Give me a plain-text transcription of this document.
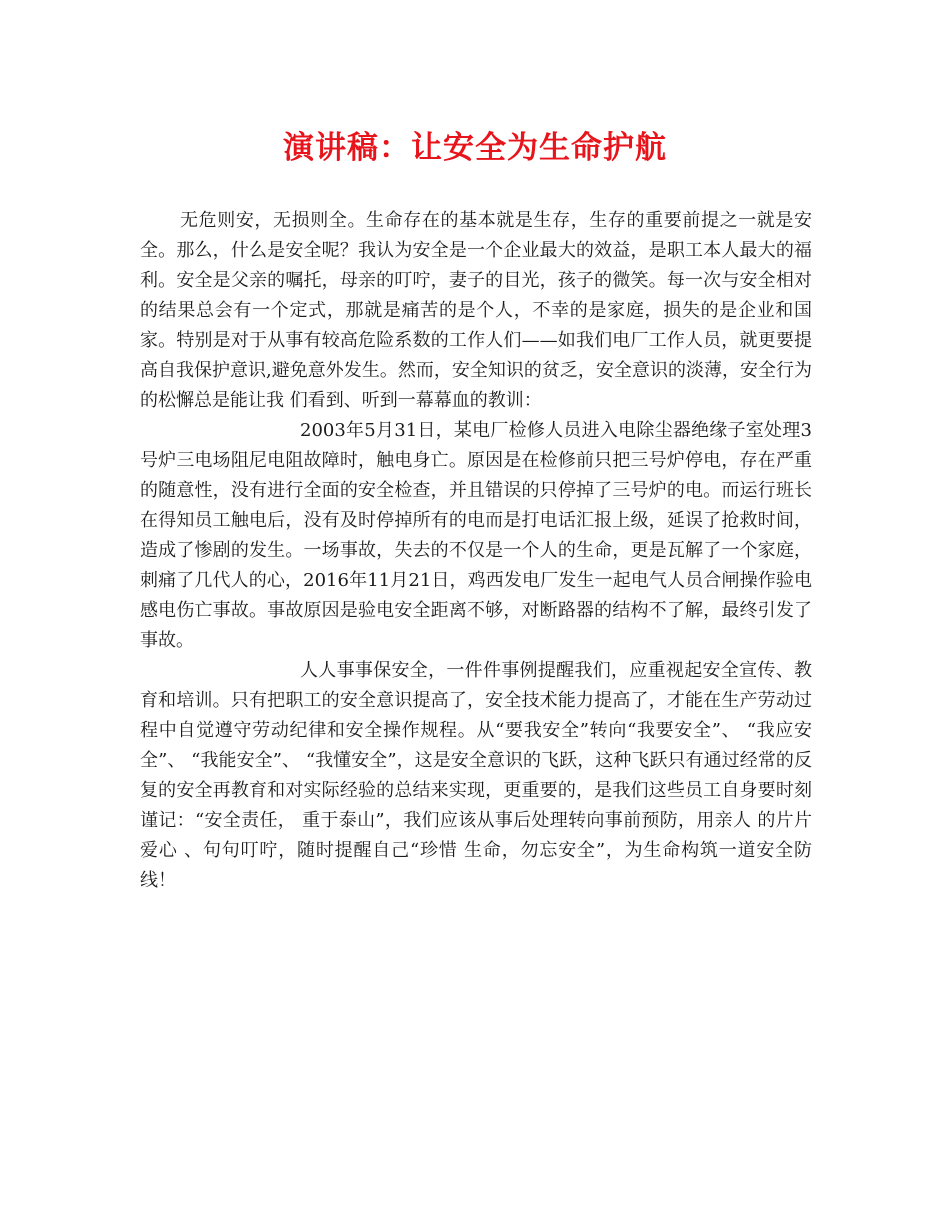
演讲稿：让安全为生命护航

无危则安，无损则全。生命存在的基本就是生存，生存的重要前提之一就是安全。那么，什么是安全呢？我认为安全是一个企业最大的效益，是职工本人最大的福利。安全是父亲的嘱托，母亲的叮咛，妻子的目光，孩子的微笑。每一次与安全相对的结果总会有一个定式，那就是痛苦的是个人，不幸的是家庭，损失的是企业和国家。特别是对于从事有较高危险系数的工作人们——如我们电厂工作人员，就更要提高自我保护意识,避免意外发生。然而，安全知识的贫乏，安全意识的淡薄，安全行为的松懈总是能让我 们看到、听到一幕幕血的教训：

2003年5月31日，某电厂检修人员进入电除尘器绝缘子室处理3号炉三电场阻尼电阻故障时，触电身亡。原因是在检修前只把三号炉停电，存在严重的随意性，没有进行全面的安全检查，并且错误的只停掉了三号炉的电。而运行班长在得知员工触电后，没有及时停掉所有的电而是打电话汇报上级，延误了抢救时间，造成了惨剧的发生。一场事故，失去的不仅是一个人的生命，更是瓦解了一个家庭，刺痛了几代人的心，2016年11月21日，鸡西发电厂发生一起电气人员合闸操作验电感电伤亡事故。事故原因是验电安全距离不够，对断路器的结构不了解，最终引发了事故。

人人事事保安全，一件件事例提醒我们，应重视起安全宣传、教育和培训。只有把职工的安全意识提高了，安全技术能力提高了，才能在生产劳动过程中自觉遵守劳动纪律和安全操作规程。从“要我安全”转向“我要安全”、 “我应安全”、 “我能安全”、 “我懂安全”，这是安全意识的飞跃，这种飞跃只有通过经常的反复的安全再教育和对实际经验的总结来实现，更重要的，是我们这些员工自身要时刻谨记：“安全责任， 重于泰山”，我们应该从事后处理转向事前预防，用亲人 的片片爱心 、句句叮咛，随时提醒自己“珍惜 生命，勿忘安全”，为生命构筑一道安全防线！
